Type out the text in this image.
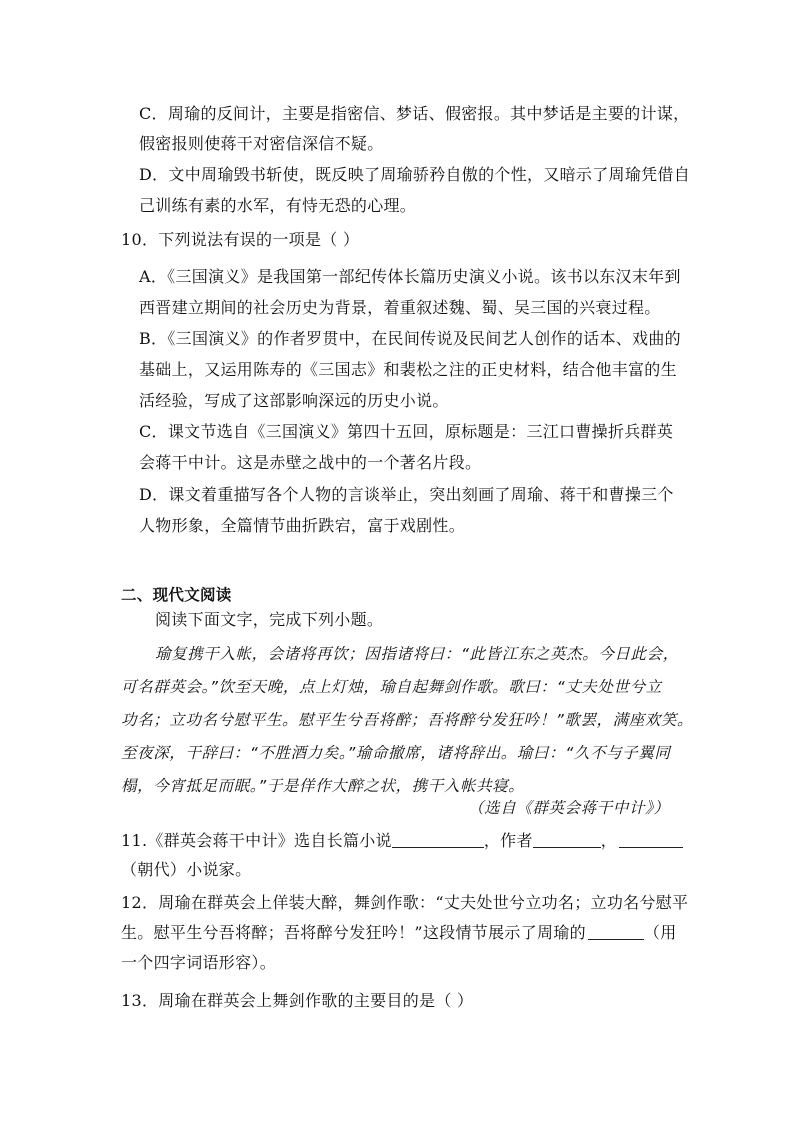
C．周瑜的反间计，主要是指密信、梦话、假密报。其中梦话是主要的计谋，
假密报则使蒋干对密信深信不疑。
D．文中周瑜毁书斩使，既反映了周瑜骄矜自傲的个性，又暗示了周瑜凭借自
己训练有素的水军，有恃无恐的心理。
10．下列说法有误的一项是（ ）
A．《三国演义》是我国第一部纪传体长篇历史演义小说。该书以东汉末年到
西晋建立期间的社会历史为背景，着重叙述魏、蜀、吴三国的兴衰过程。
B．《三国演义》的作者罗贯中，在民间传说及民间艺人创作的话本、戏曲的
基础上，又运用陈寿的《三国志》和裴松之注的正史材料，结合他丰富的生
活经验，写成了这部影响深远的历史小说。
C．课文节选自《三国演义》第四十五回，原标题是：三江口曹操折兵群英
会蒋干中计。这是赤壁之战中的一个著名片段。
D．课文着重描写各个人物的言谈举止，突出刻画了周瑜、蒋干和曹操三个
人物形象，全篇情节曲折跌宕，富于戏剧性。
二、现代文阅读
阅读下面文字，完成下列小题。
瑜复携干入帐，会诸将再饮；因指诸将曰：“此皆江东之英杰。今日此会，
可名群英会。”饮至天晚，点上灯烛，瑜自起舞剑作歌。歌曰：“丈夫处世兮立
功名；立功名兮慰平生。慰平生兮吾将醉；吾将醉兮发狂吟！”歌罢，满座欢笑。
至夜深，干辞曰：“不胜酒力矣。”瑜命撤席，诸将辞出。瑜曰：“久不与子翼同
榻，今宵抵足而眠。”于是佯作大醉之状，携干入帐共寝。
（选自《群英会蒋干中计》）
11.《群英会蒋干中计》选自长篇小说	，作者	，
（朝代）小说家。
12．周瑜在群英会上佯装大醉，舞剑作歌：“丈夫处世兮立功名；立功名兮慰平
生。慰平生兮吾将醉；吾将醉兮发狂吟！”这段情节展示了周瑜的	（用
一个四字词语形容）。
13．周瑜在群英会上舞剑作歌的主要目的是（ ）
